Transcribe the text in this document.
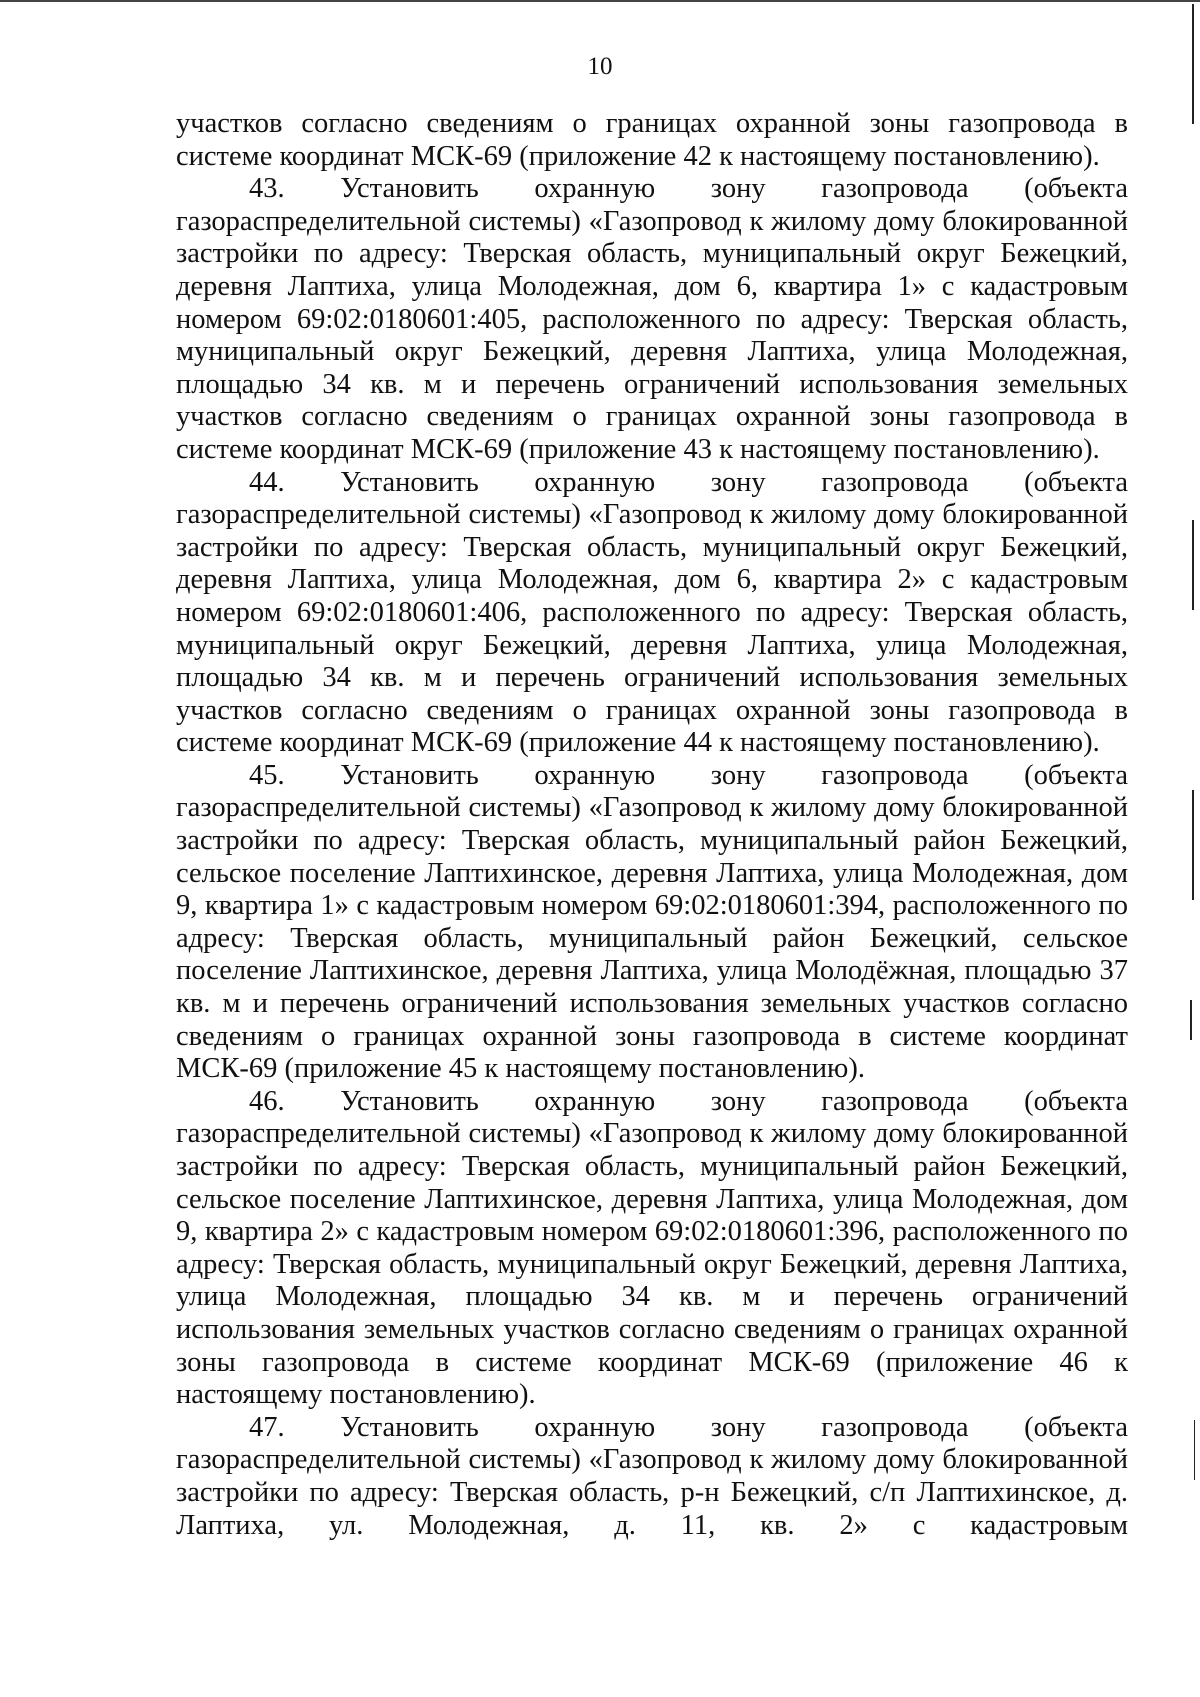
10

участков согласно сведениям о границах охранной зоны газопровода в системе координат МСК-69 (приложение 42 к настоящему постановлению).

43. Установить охранную зону газопровода (объекта газораспределительной системы) «Газопровод к жилому дому блокированной застройки по адресу: Тверская область, муниципальный округ Бежецкий, деревня Лаптиха, улица Молодежная, дом 6, квартира 1» с кадастровым номером 69:02:0180601:405, расположенного по адресу: Тверская область, муниципальный округ Бежецкий, деревня Лаптиха, улица Молодежная, площадью 34 кв. м и перечень ограничений использования земельных участков согласно сведениям о границах охранной зоны газопровода в системе координат МСК-69 (приложение 43 к настоящему постановлению).

44. Установить охранную зону газопровода (объекта газораспределительной системы) «Газопровод к жилому дому блокированной застройки по адресу: Тверская область, муниципальный округ Бежецкий, деревня Лаптиха, улица Молодежная, дом 6, квартира 2» с кадастровым номером 69:02:0180601:406, расположенного по адресу: Тверская область, муниципальный округ Бежецкий, деревня Лаптиха, улица Молодежная, площадью 34 кв. м и перечень ограничений использования земельных участков согласно сведениям о границах охранной зоны газопровода в системе координат МСК-69 (приложение 44 к настоящему постановлению).

45. Установить охранную зону газопровода (объекта газораспределительной системы) «Газопровод к жилому дому блокированной застройки по адресу: Тверская область, муниципальный район Бежецкий, сельское поселение Лаптихинское, деревня Лаптиха, улица Молодежная, дом 9, квартира 1» с кадастровым номером 69:02:0180601:394, расположенного по адресу: Тверская область, муниципальный район Бежецкий, сельское поселение Лаптихинское, деревня Лаптиха, улица Молодёжная, площадью 37 кв. м и перечень ограничений использования земельных участков согласно сведениям о границах охранной зоны газопровода в системе координат МСК-69 (приложение 45 к настоящему постановлению).

46. Установить охранную зону газопровода (объекта газораспределительной системы) «Газопровод к жилому дому блокированной застройки по адресу: Тверская область, муниципальный район Бежецкий, сельское поселение Лаптихинское, деревня Лаптиха, улица Молодежная, дом 9, квартира 2» с кадастровым номером 69:02:0180601:396, расположенного по адресу: Тверская область, муниципальный округ Бежецкий, деревня Лаптиха, улица Молодежная, площадью 34 кв. м и перечень ограничений использования земельных участков согласно сведениям о границах охранной зоны газопровода в системе координат МСК-69 (приложение 46 к настоящему постановлению).

47. Установить охранную зону газопровода (объекта газораспределительной системы) «Газопровод к жилому дому блокированной застройки по адресу: Тверская область, р-н Бежецкий, с/п Лаптихинское, д. Лаптиха, ул. Молодежная, д. 11, кв. 2» с кадастровым
